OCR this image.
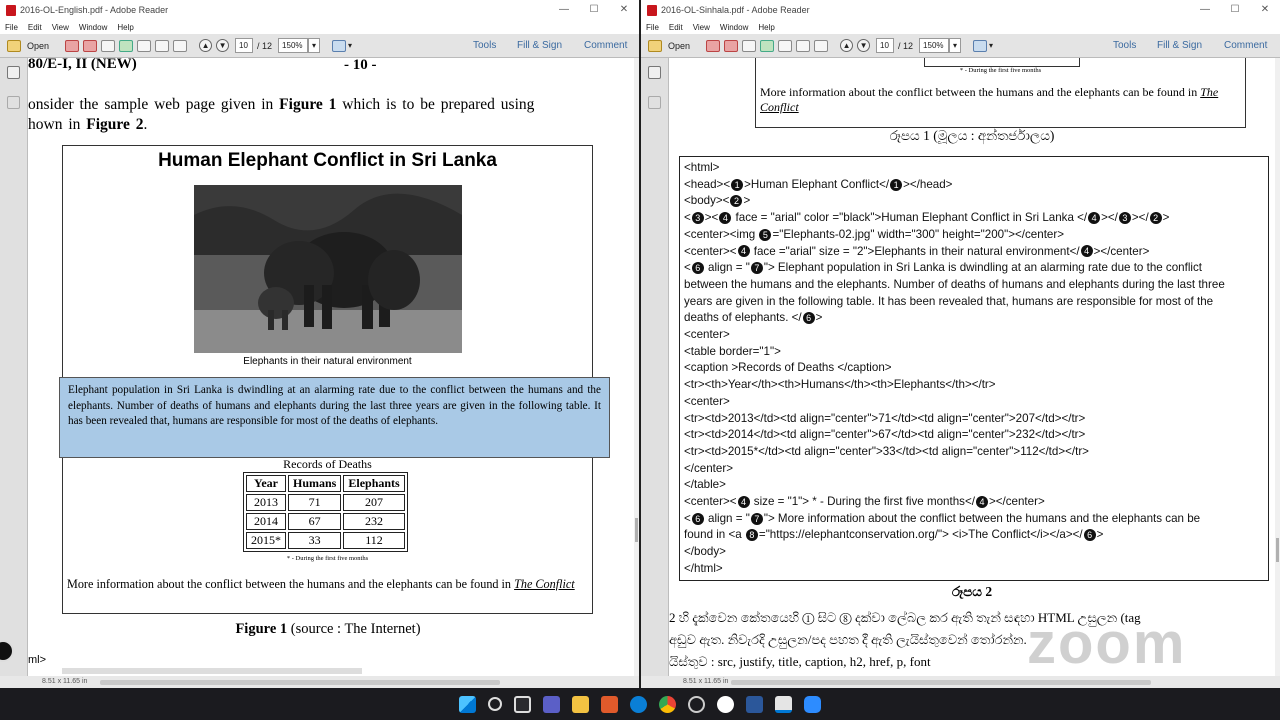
2016-OL-English.pdf - Adobe Reader	—	☐	✕
File Edit View Window Help
Open	▲	▼	10	/ 12	150%	▾	▾	Tools Fill & Sign Comment
80/E-I, II (NEW)	- 10 -
onsider the sample web page given in Figure 1 which is to be prepared using
hown in Figure 2.
Human Elephant Conflict in Sri Lanka
Elephants in their natural environment
Elephant population in Sri Lanka is dwindling at an alarming rate due to the conflict between the humans and the elephants. Number of deaths of humans and elephants during the last three years are given in the following table. It has been revealed that, humans are responsible for most of the deaths of elephants.
Records of Deaths
Year	Humans	Elephants
2013	71	207
2014	67	232
2015*	33	112
* - During the first five months
More information about the conflict between the humans and the elephants can be found in The Conflict
Figure 1 (source : The Internet)
ml>
8.51 x 11.65 in
2016-OL-Sinhala.pdf - Adobe Reader	—	☐	✕
File Edit View Window Help
Open	▲	▼	10	/ 12	150%	▾	▾	Tools Fill & Sign Comment
* - During the first five months
More information about the conflict between the humans and the elephants can be found in The Conflict
රූපය 1 (මූලය : අන්තර්ජාලය)
<html>
<head>< 1 >Human Elephant Conflict</ 1 ></head>
<body>< 2 >
< 3 >< 4 face = "arial" color ="black">Human Elephant Conflict in Sri Lanka </ 4 ></ 3 ></ 2 >
<center><img 5 ="Elephants-02.jpg" width="300" height="200"></center>
<center>< 4 face ="arial" size = "2">Elephants in their natural environment</ 4 ></center>
< 6 align = " 7 "> Elephant population in Sri Lanka is dwindling at an alarming rate due to the conflict
between the humans and the elephants. Number of deaths of humans and elephants during the last three
years are given in the following table. It has been revealed that, humans are responsible for most of the
deaths of elephants. </ 6 >
<center>
<table border="1">
<caption >Records of Deaths </caption>
<tr><th>Year</th><th>Humans</th><th>Elephants</th></tr>
<center>
<tr><td>2013</td><td align="center">71</td><td align="center">207</td></tr>
<tr><td>2014</td><td align="center">67</td><td align="center">232</td></tr>
<tr><td>2015*</td><td align="center">33</td><td align="center">112</td></tr>
</center>
</table>
<center>< 4 size = "1"> * - During the first five months</ 4 ></center>
< 6 align = " 7 "> More information about the conflict between the humans and the elephants can be
found in <a 8 ="https://elephantconservation.org/"> <i>The Conflict</i></a></ 6 >
</body>
</html>
රූපය 2
2 හි දැක්වෙන කේතයෙහි ① සිට ⑧ දක්වා ලේබල කර ඇති තැන් සඳහා HTML උසුලන (tag
අඩුව ඇත. නිවැරදි උසුලන/පද පහත දී ඇති ලැයිස්තුවෙන් තෝරන්න.
යිස්තුව : src, justify, title, caption, h2, href, p, font zoom
8.51 x 11.65 in
